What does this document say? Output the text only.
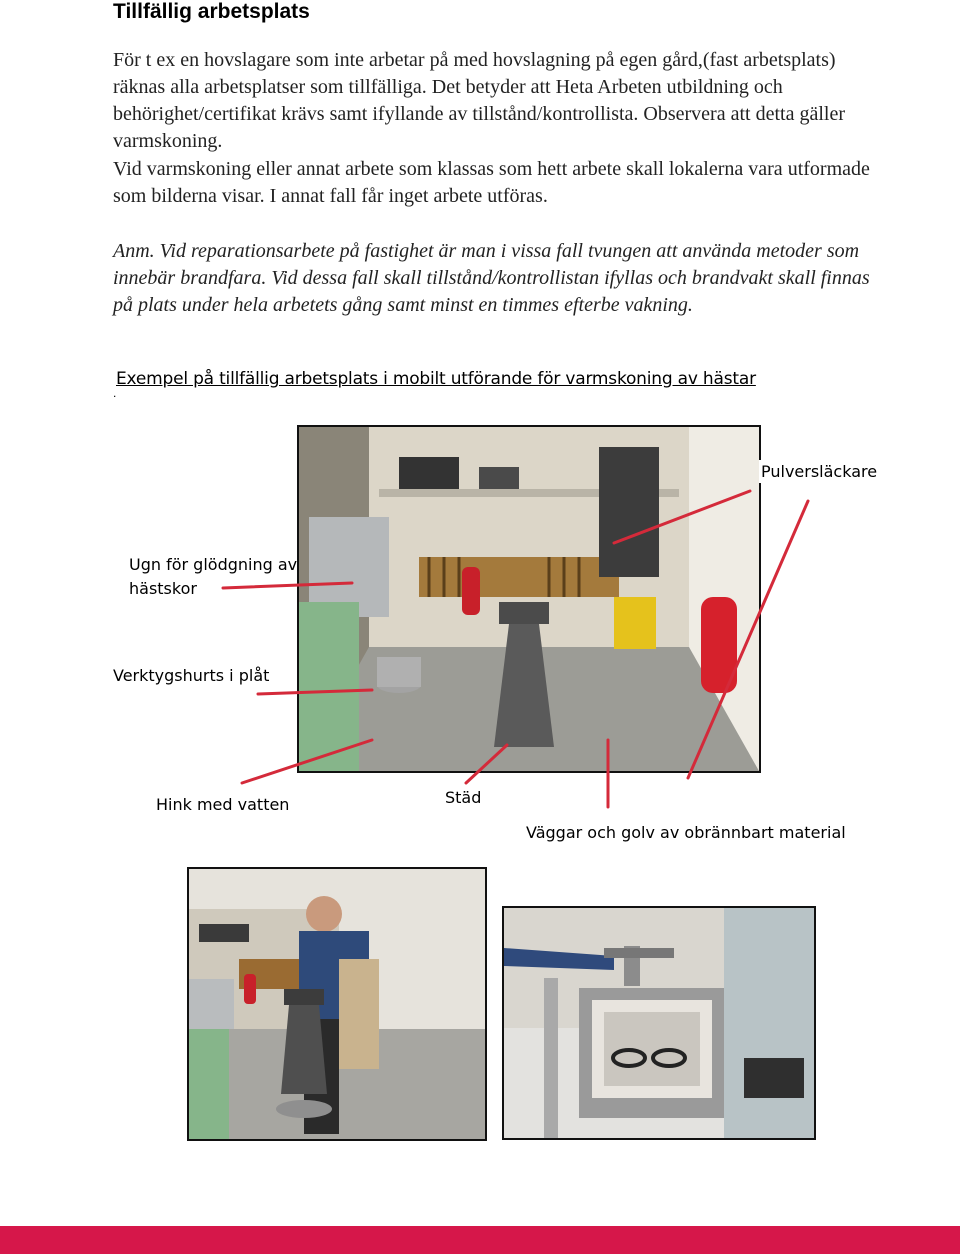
Tillfällig arbetsplats

För t ex en hovslagare som inte arbetar på med hovslagning på egen gård,(fast arbetsplats) räknas alla arbetsplatser som tillfälliga. Det betyder att Heta Arbeten utbildning och behörighet/certifikat krävs samt ifyllande av tillstånd/kontrollista. Observera att detta gäller varmskoning.

Vid varmskoning eller annat arbete som klassas som hett arbete skall lokalerna vara utformade som bilderna visar. I annat fall får inget arbete utföras.

Anm. Vid reparationsarbete på fastighet är man i vissa fall tvungen att använda metoder som innebär brandfara. Vid dessa fall skall tillstånd/kontrollistan ifyllas och brandvakt skall finnas på plats under hela arbetets gång samt minst en timmes efterbe vakning.

Exempel på tillfällig arbetsplats i mobilt utförande för varmskoning av hästar
.
Pulversläckare
Ugn för glödgning av
hästskor
Verktygshurts i plåt
Hink med vatten	Städ
Väggar och golv av obrännbart material
